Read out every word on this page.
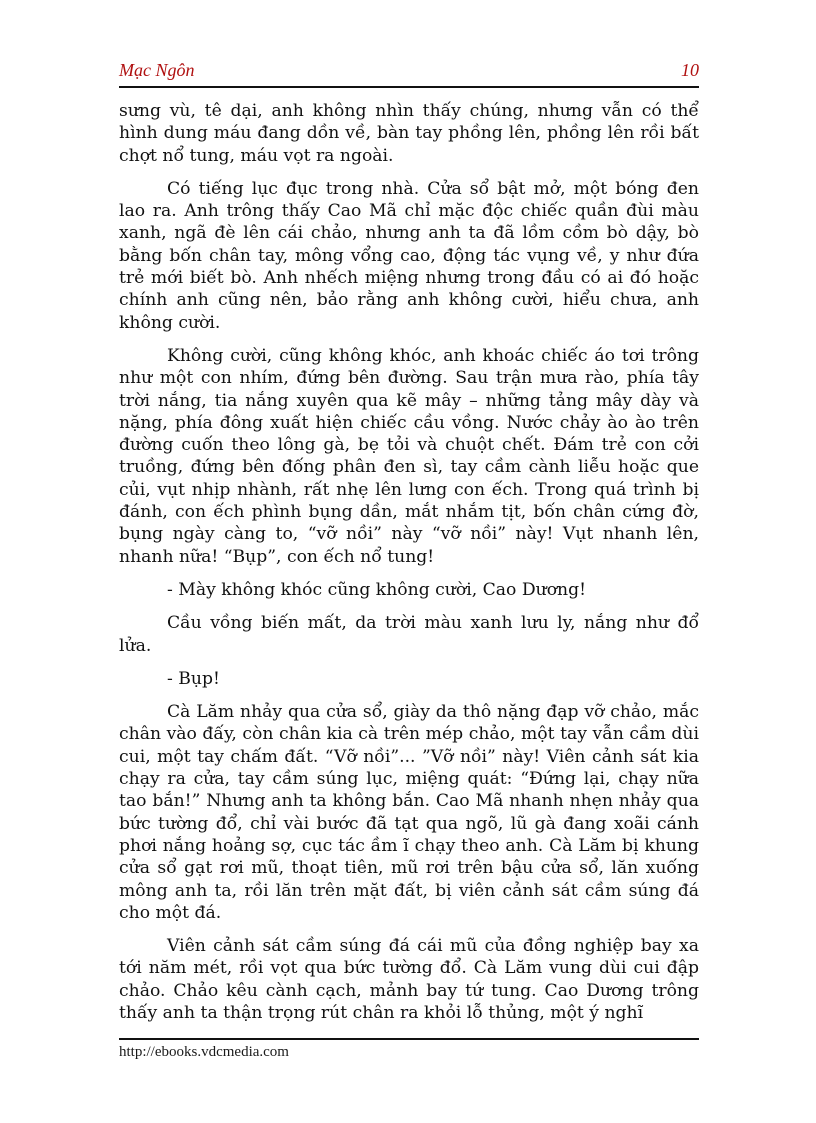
Mạc Ngôn	10

sưng vù, tê dại, anh không nhìn thấy chúng, nhưng vẫn có thể hình dung máu đang dồn về, bàn tay phồng lên, phồng lên rồi bất chợt nổ tung, máu vọt ra ngoài.

Có tiếng lục đục trong nhà. Cửa sổ bật mở, một bóng đen lao ra. Anh trông thấy Cao Mã chỉ mặc độc chiếc quần đùi màu xanh, ngã đè lên cái chảo, nhưng anh ta đã lồm cồm bò dậy, bò bằng bốn chân tay, mông vổng cao, động tác vụng về, y như đứa trẻ mới biết bò. Anh nhếch miệng nhưng trong đầu có ai đó hoặc chính anh cũng nên, bảo rằng anh không cười, hiểu chưa, anh không cười.

Không cười, cũng không khóc, anh khoác chiếc áo tơi trông như một con nhím, đứng bên đường. Sau trận mưa rào, phía tây trời nắng, tia nắng xuyên qua kẽ mây – những tảng mây dày và nặng, phía đông xuất hiện chiếc cầu vồng. Nước chảy ào ào trên đường cuốn theo lông gà, bẹ tỏi và chuột chết. Đám trẻ con cởi truồng, đứng bên đống phân đen sì, tay cầm cành liễu hoặc que củi, vụt nhịp nhành, rất nhẹ lên lưng con ếch. Trong quá trình bị đánh, con ếch phình bụng dần, mắt nhắm tịt, bốn chân cứng đờ, bụng ngày càng to, “vỡ nồi” này “vỡ nồi” này! Vụt nhanh lên, nhanh nữa! “Bụp”, con ếch nổ tung!

- Mày không khóc cũng không cười, Cao Dương!

Cầu vồng biến mất, da trời màu xanh lưu ly, nắng như đổ lửa.

- Bụp!

Cà Lăm nhảy qua cửa sổ, giày da thô nặng đạp vỡ chảo, mắc chân vào đấy, còn chân kia cà trên mép chảo, một tay vẫn cầm dùi cui, một tay chấm đất. “Vỡ nồi”... ”Vỡ nồi” này! Viên cảnh sát kia chạy ra cửa, tay cầm súng lục, miệng quát: “Đứng lại, chạy nữa tao bắn!” Nhưng anh ta không bắn. Cao Mã nhanh nhẹn nhảy qua bức tường đổ, chỉ vài bước đã tạt qua ngõ, lũ gà đang xoãi cánh phơi nắng hoảng sợ, cục tác ầm ĩ chạy theo anh. Cà Lăm bị khung cửa sổ gạt rơi mũ, thoạt tiên, mũ rơi trên bậu cửa sổ, lăn xuống mông anh ta, rồi lăn trên mặt đất, bị viên cảnh sát cầm súng đá cho một đá.

Viên cảnh sát cầm súng đá cái mũ của đồng nghiệp bay xa tới năm mét, rồi vọt qua bức tường đổ. Cà Lăm vung dùi cui đập chảo. Chảo kêu cành cạch, mảnh bay tứ tung. Cao Dương trông thấy anh ta thận trọng rút chân ra khỏi lỗ thủng, một ý nghĩ

http://ebooks.vdcmedia.com
